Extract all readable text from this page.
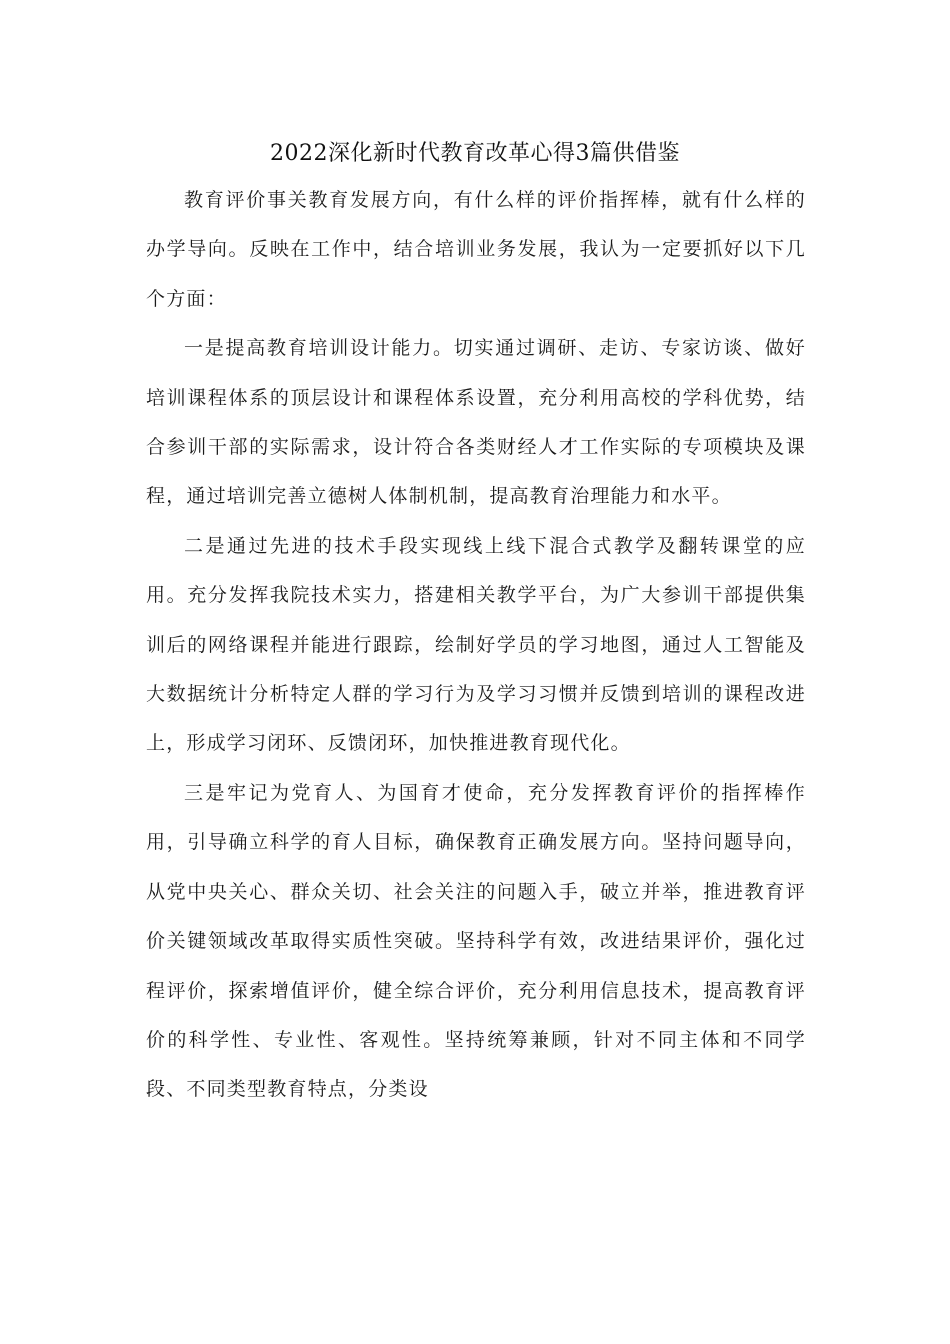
2022深化新时代教育改革心得3篇供借鉴

教育评价事关教育发展方向，有什么样的评价指挥棒，就有什么样的办学导向。反映在工作中，结合培训业务发展，我认为一定要抓好以下几个方面：

一是提高教育培训设计能力。切实通过调研、走访、专家访谈、做好培训课程体系的顶层设计和课程体系设置，充分利用高校的学科优势，结合参训干部的实际需求，设计符合各类财经人才工作实际的专项模块及课程，通过培训完善立德树人体制机制，提高教育治理能力和水平。

二是通过先进的技术手段实现线上线下混合式教学及翻转课堂的应用。充分发挥我院技术实力，搭建相关教学平台，为广大参训干部提供集训后的网络课程并能进行跟踪，绘制好学员的学习地图，通过人工智能及大数据统计分析特定人群的学习行为及学习习惯并反馈到培训的课程改进上，形成学习闭环、反馈闭环，加快推进教育现代化。

三是牢记为党育人、为国育才使命，充分发挥教育评价的指挥棒作用，引导确立科学的育人目标，确保教育正确发展方向。坚持问题导向，从党中央关心、群众关切、社会关注的问题入手，破立并举，推进教育评价关键领域改革取得实质性突破。坚持科学有效，改进结果评价，强化过程评价，探索增值评价，健全综合评价，充分利用信息技术，提高教育评价的科学性、专业性、客观性。坚持统筹兼顾，针对不同主体和不同学段、不同类型教育特点，分类设
